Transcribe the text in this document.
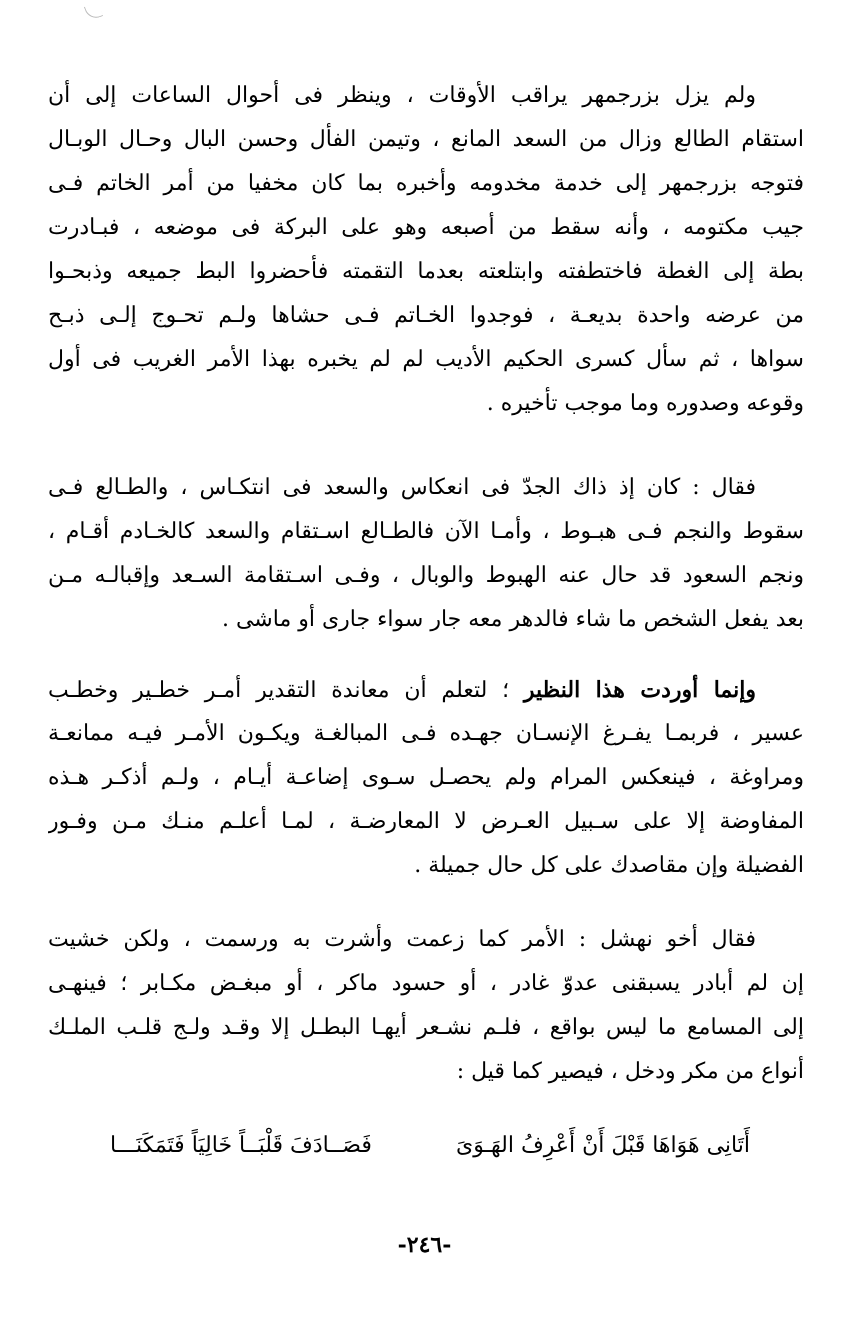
ولم يزل بزرجمهر يراقب الأوقات ، وينظر فى أحوال الساعات إلى أن
استقام الطالع وزال من السعد المانع ، وتيمن الفأل وحسن البال وحـال الوبـال
فتوجه بزرجمهر إلى خدمة مخدومه وأخبره بما كان مخفيا من أمر الخاتم فـى
جيب مكتومه ، وأنه سقط من أصبعه وهو على البركة فى موضعه ، فبـادرت
بطة إلى الغطة فاختطفته وابتلعته بعدما التقمته فأحضروا البط جميعه وذبحـوا
من عرضه واحدة بديعـة ، فوجدوا الخـاتم فـى حشاها ولـم تحـوج إلـى ذبـح
سواها ، ثم سأل كسرى الحكيم الأديب لم لم يخبره بهذا الأمر الغريب فى أول
وقوعه وصدوره وما موجب تأخيره .
فقال : كان إذ ذاك الجدّ فى انعكاس والسعد فى انتكـاس ، والطـالع فـى
سقوط والنجم فـى هبـوط ، وأمـا الآن فالطـالع اسـتقام والسعد كالخـادم أقـام ،
ونجم السعود قد حال عنه الهبوط والوبال ، وفـى اسـتقامة السـعد وإقبالـه مـن
بعد يفعل الشخص ما شاء فالدهر معه جار سواء جارى أو ماشى .
وإنما أوردت هذا النظير ؛ لتعلم أن معاندة التقدير أمـر خطـير وخطـب
عسير ، فربمـا يفـرغ الإنسـان جهـده فـى المبالغـة ويكـون الأمـر فيـه ممانعـة
ومراوغة ، فينعكس المرام ولم يحصـل سـوى إضاعـة أيـام ، ولـم أذكـر هـذه
المفاوضة إلا على سـبيل العـرض لا المعارضـة ، لمـا أعلـم منـك مـن وفـور
الفضيلة وإن مقاصدك على كل حال جميلة .
فقال أخو نهشل : الأمر كما زعمت وأشرت به ورسمت ، ولكن خشيت
إن لم أبادر يسبقنى عدوّ غادر ، أو حسود ماكر ، أو مبغـض مكـابر ؛ فينهـى
إلى المسامع ما ليس بواقع ، فلـم نشـعر أيهـا البطـل إلا وقـد ولـج قلـب الملـك
أنواع من مكر ودخل ، فيصير كما قيل :
أَتَانِى هَوَاهَا قَبْلَ أَنْ أَعْرِفُ الهَـوَىَ
فَصَــادَفَ قَلْبَــاً خَالِيَاً فَتَمَكَنَـــا
-٢٤٦-
